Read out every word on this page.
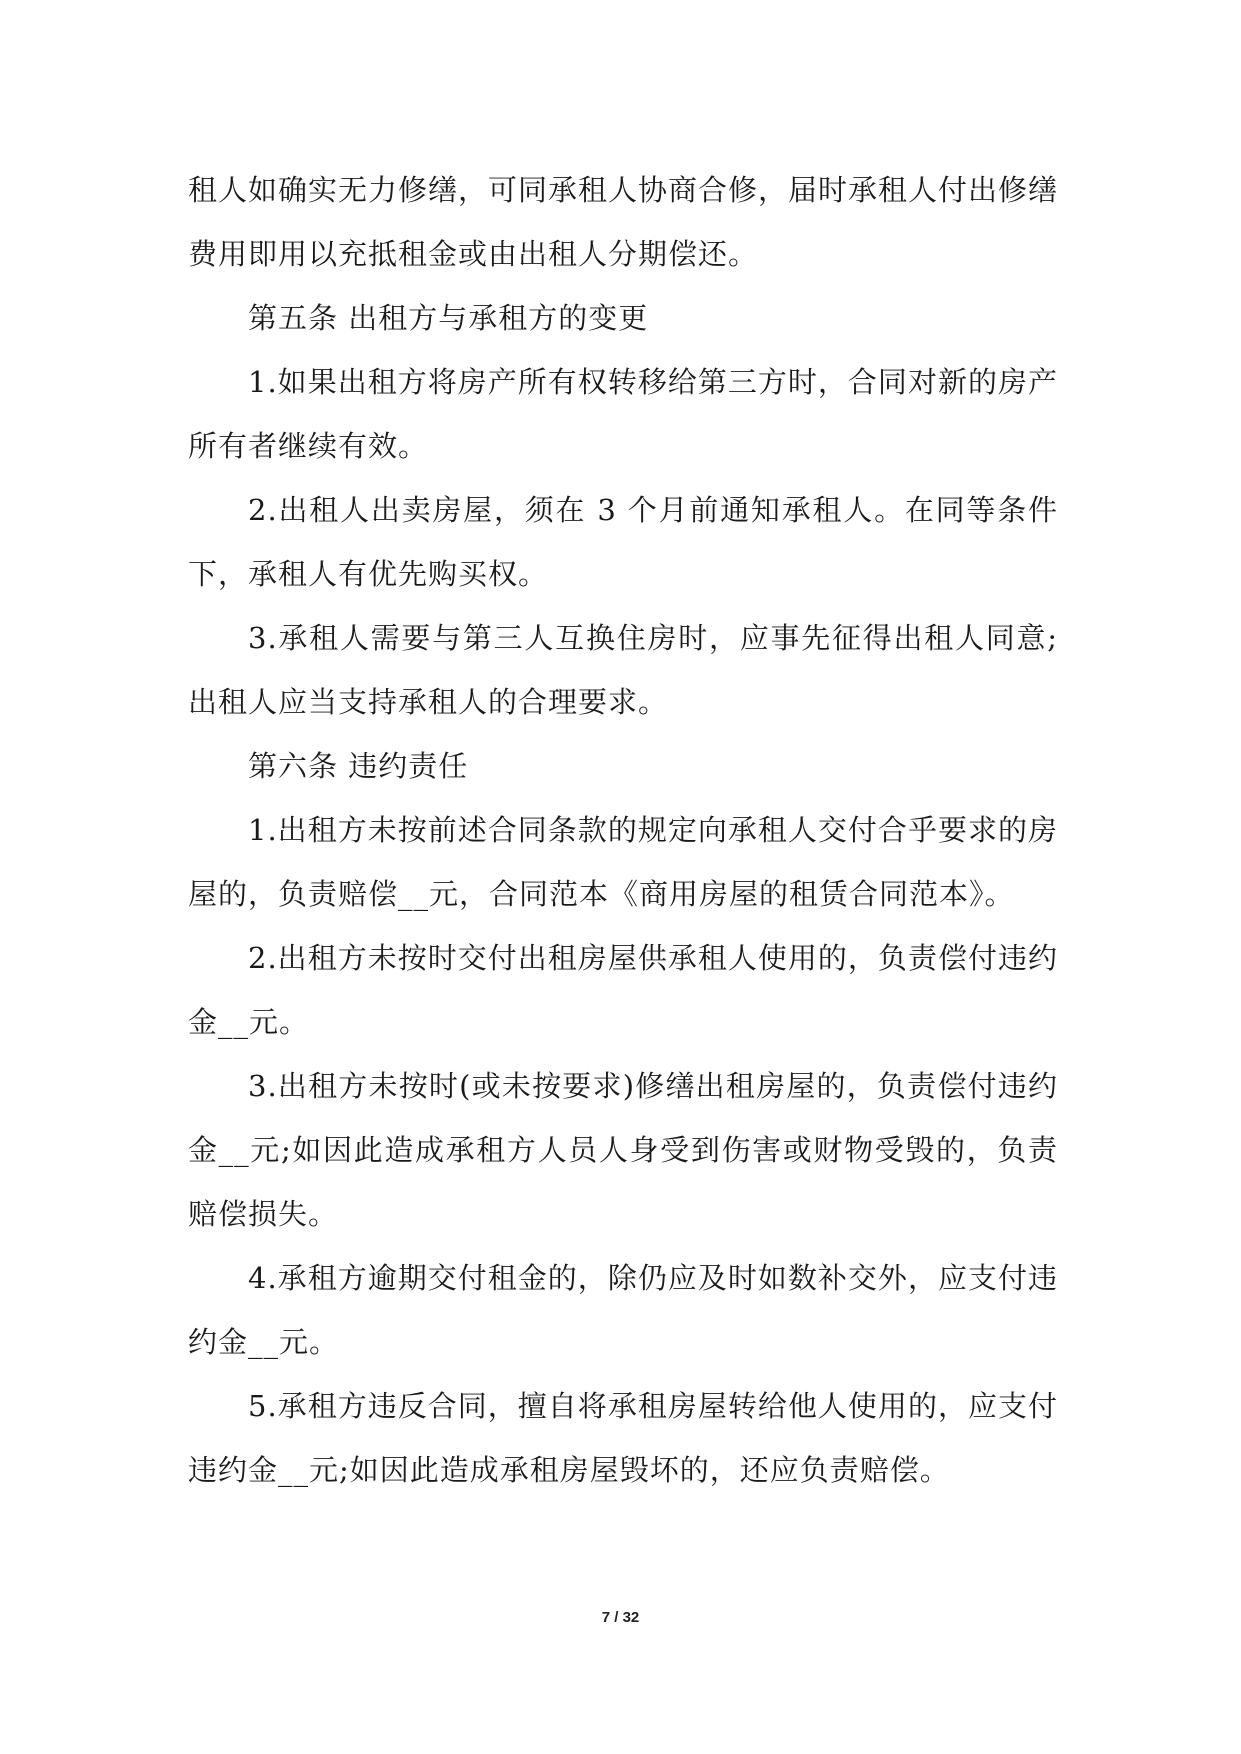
租人如确实无力修缮，可同承租人协商合修，届时承租人付出修缮费用即用以充抵租金或由出租人分期偿还。

第五条 出租方与承租方的变更

1.如果出租方将房产所有权转移给第三方时，合同对新的房产所有者继续有效。

2.出租人出卖房屋，须在 3 个月前通知承租人。在同等条件下，承租人有优先购买权。

3.承租人需要与第三人互换住房时，应事先征得出租人同意;出租人应当支持承租人的合理要求。

第六条 违约责任

1.出租方未按前述合同条款的规定向承租人交付合乎要求的房屋的，负责赔偿__元，合同范本《商用房屋的租赁合同范本》。

2.出租方未按时交付出租房屋供承租人使用的，负责偿付违约金__元。

3.出租方未按时(或未按要求)修缮出租房屋的，负责偿付违约金__元;如因此造成承租方人员人身受到伤害或财物受毁的，负责赔偿损失。

4.承租方逾期交付租金的，除仍应及时如数补交外，应支付违约金__元。

5.承租方违反合同，擅自将承租房屋转给他人使用的，应支付违约金__元;如因此造成承租房屋毁坏的，还应负责赔偿。

7 / 32
